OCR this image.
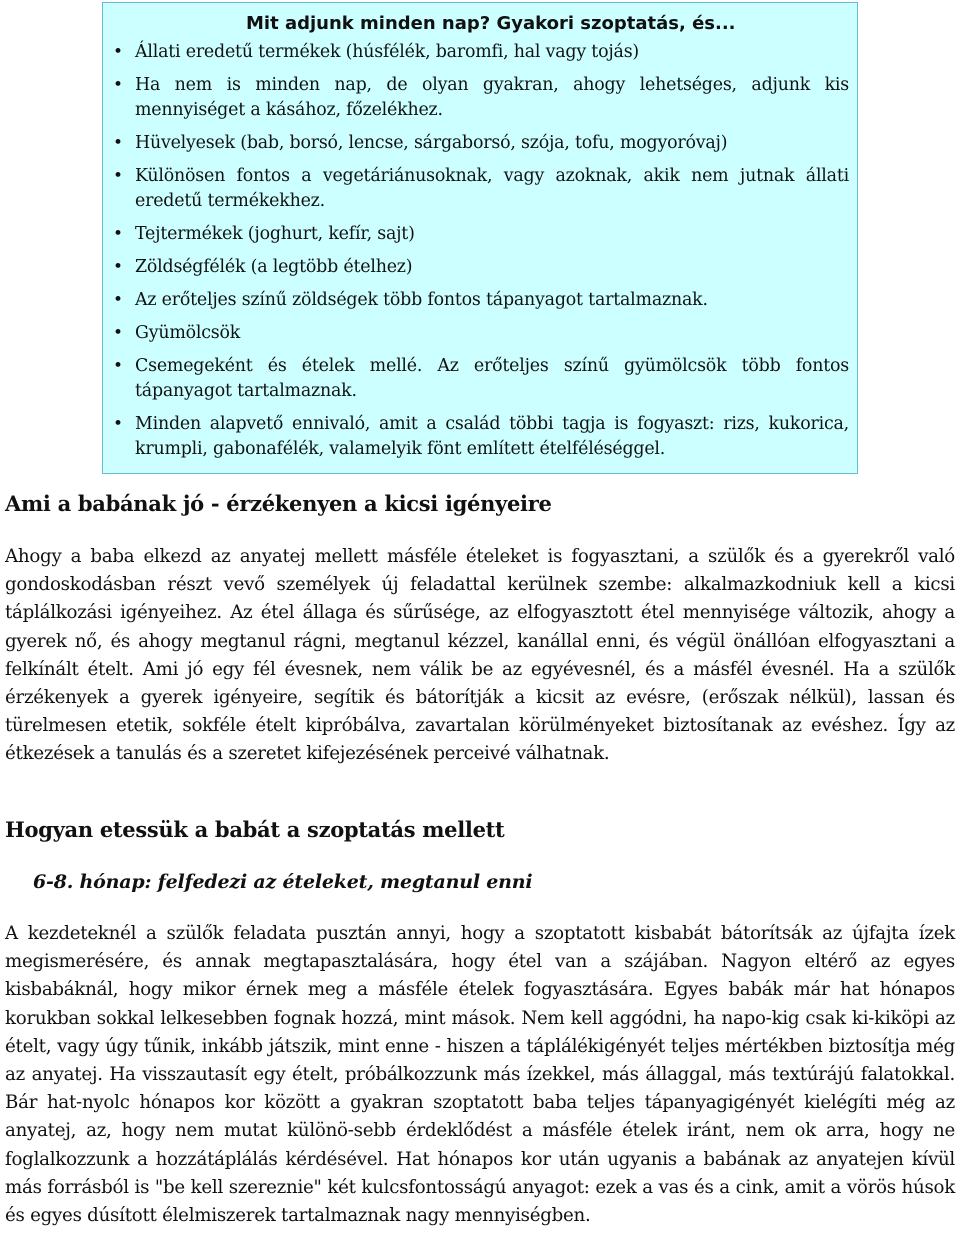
Mit adjunk minden nap? Gyakori szoptatás, és...
• Állati eredetű termékek (húsfélék, baromfi, hal vagy tojás)
• Ha nem is minden nap, de olyan gyakran, ahogy lehetséges, adjunk kis mennyiséget a kásához, főzelékhez.
• Hüvelyesek (bab, borsó, lencse, sárgaborsó, szója, tofu, mogyoróvaj)
• Különösen fontos a vegetáriánusoknak, vagy azoknak, akik nem jutnak állati eredetű termékekhez.
• Tejtermékek (joghurt, kefír, sajt)
• Zöldségfélék (a legtöbb ételhez)
• Az erőteljes színű zöldségek több fontos tápanyagot tartalmaznak.
• Gyümölcsök
• Csemegeként és ételek mellé. Az erőteljes színű gyümölcsök több fontos tápanyagot tartalmaznak.
• Minden alapvető ennivaló, amit a család többi tagja is fogyaszt: rizs, kukorica, krumpli, gabonafélék, valamelyik fönt említett ételféléséggel.
Ami a babának jó - érzékenyen a kicsi igényeire

Ahogy a baba elkezd az anyatej mellett másféle ételeket is fogyasztani, a szülők és a gyerekről való gondoskodásban részt vevő személyek új feladattal kerülnek szembe: alkalmazkodniuk kell a kicsi táplálkozási igényeihez. Az étel állaga és sűrűsége, az elfogyasztott étel mennyisége változik, ahogy a gyerek nő, és ahogy megtanul rágni, megtanul kézzel, kanállal enni, és végül önállóan elfogyasztani a felkínált ételt. Ami jó egy fél évesnek, nem válik be az egyévesnél, és a másfél évesnél. Ha a szülők érzékenyek a gyerek igényeire, segítik és bátorítják a kicsit az evésre, (erőszak nélkül), lassan és türelmesen etetik, sokféle ételt kipróbálva, zavartalan körülményeket biztosítanak az evéshez. Így az étkezések a tanulás és a szeretet kifejezésének perceivé válhatnak.

Hogyan etessük a babát a szoptatás mellett
6-8. hónap: felfedezi az ételeket, megtanul enni

A kezdeteknél a szülők feladata pusztán annyi, hogy a szoptatott kisbabát bátorítsák az újfajta ízek megismerésére, és annak megtapasztalására, hogy étel van a szájában. Nagyon eltérő az egyes kisbabáknál, hogy mikor érnek meg a másféle ételek fogyasztására. Egyes babák már hat hónapos korukban sokkal lelkesebben fognak hozzá, mint mások. Nem kell aggódni, ha napo-kig csak ki-kiköpi az ételt, vagy úgy tűnik, inkább játszik, mint enne - hiszen a táplálékigényét teljes mértékben biztosítja még az anyatej. Ha visszautasít egy ételt, próbálkozzunk más ízekkel, más állaggal, más textúrájú falatokkal. Bár hat-nyolc hónapos kor között a gyakran szoptatott baba teljes tápanyagigényét kielégíti még az anyatej, az, hogy nem mutat különö-sebb érdeklődést a másféle ételek iránt, nem ok arra, hogy ne foglalkozzunk a hozzátáplálás kérdésével. Hat hónapos kor után ugyanis a babának az anyatejen kívül más forrásból is "be kell szereznie" két kulcsfontosságú anyagot: ezek a vas és a cink, amit a vörös húsok és egyes dúsított élelmiszerek tartalmaznak nagy mennyiségben.
